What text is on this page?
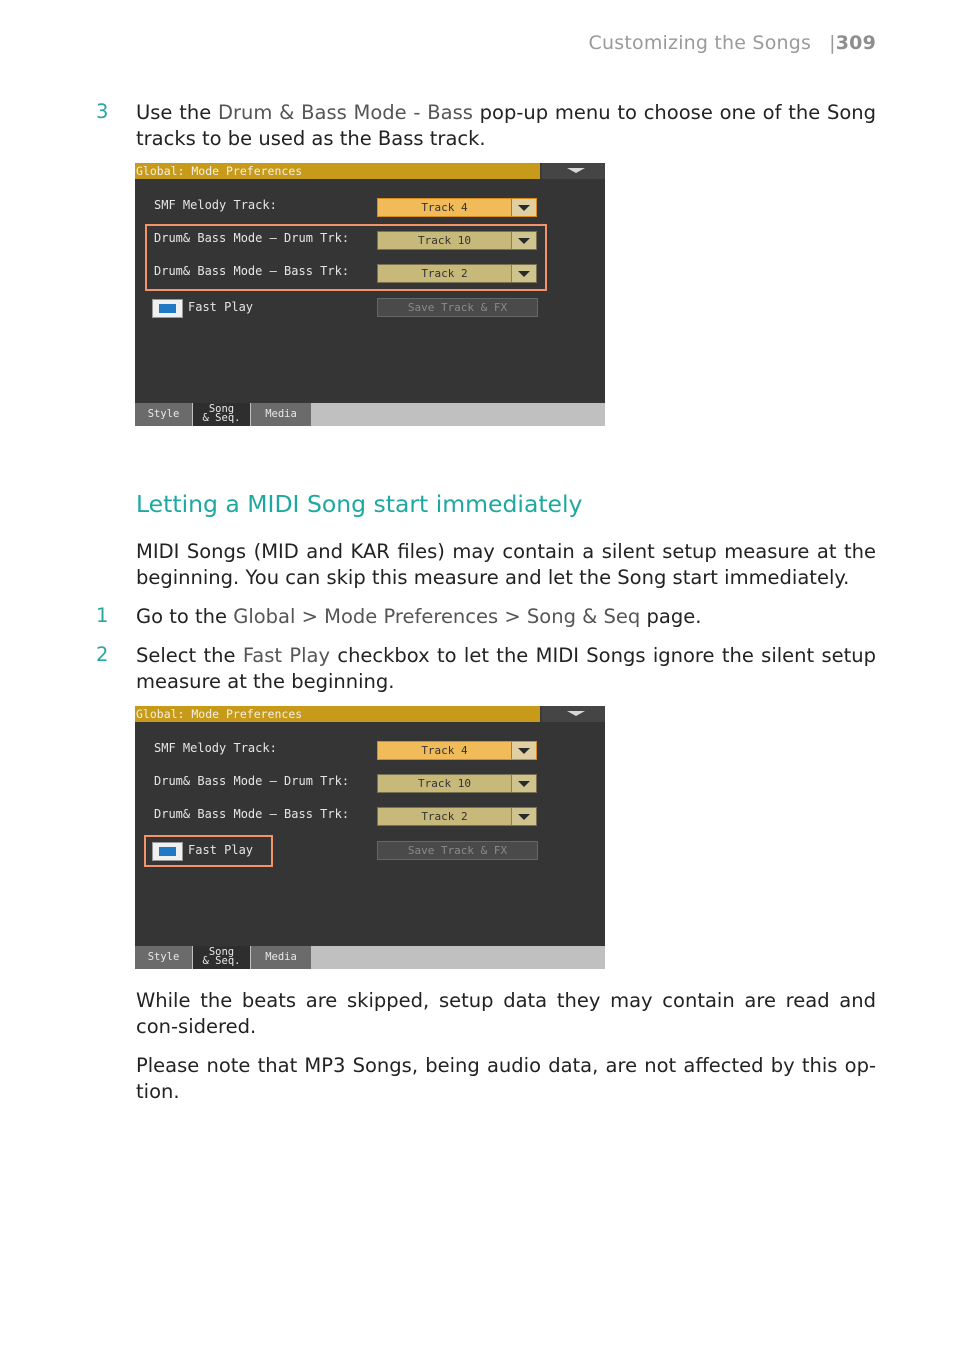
Customizing the Songs |309
3 Use the Drum & Bass Mode - Bass pop-up menu to choose one of the Song tracks to be used as the Bass track.
Global: Mode Preferences
SMF Melody Track:	Track 4
Drum& Bass Mode – Drum Trk:	Track 10
Drum& Bass Mode – Bass Trk:	Track 2
Fast Play	Save Track & FX
Style	Song
& Seq.	Media
Letting a MIDI Song start immediately
MIDI Songs (MID and KAR files) may contain a silent setup measure at the beginning. You can skip this measure and let the Song start immediately.
1 Go to the Global > Mode Preferences > Song & Seq page.
2 Select the Fast Play checkbox to let the MIDI Songs ignore the silent setup measure at the beginning.
Global: Mode Preferences
SMF Melody Track:	Track 4
Drum& Bass Mode – Drum Trk:	Track 10
Drum& Bass Mode – Bass Trk:	Track 2
Fast Play	Save Track & FX
Style	Song
& Seq.	Media
While the beats are skipped, setup data they may contain are read and con-sidered.
Please note that MP3 Songs, being audio data, are not affected by this op-tion.
